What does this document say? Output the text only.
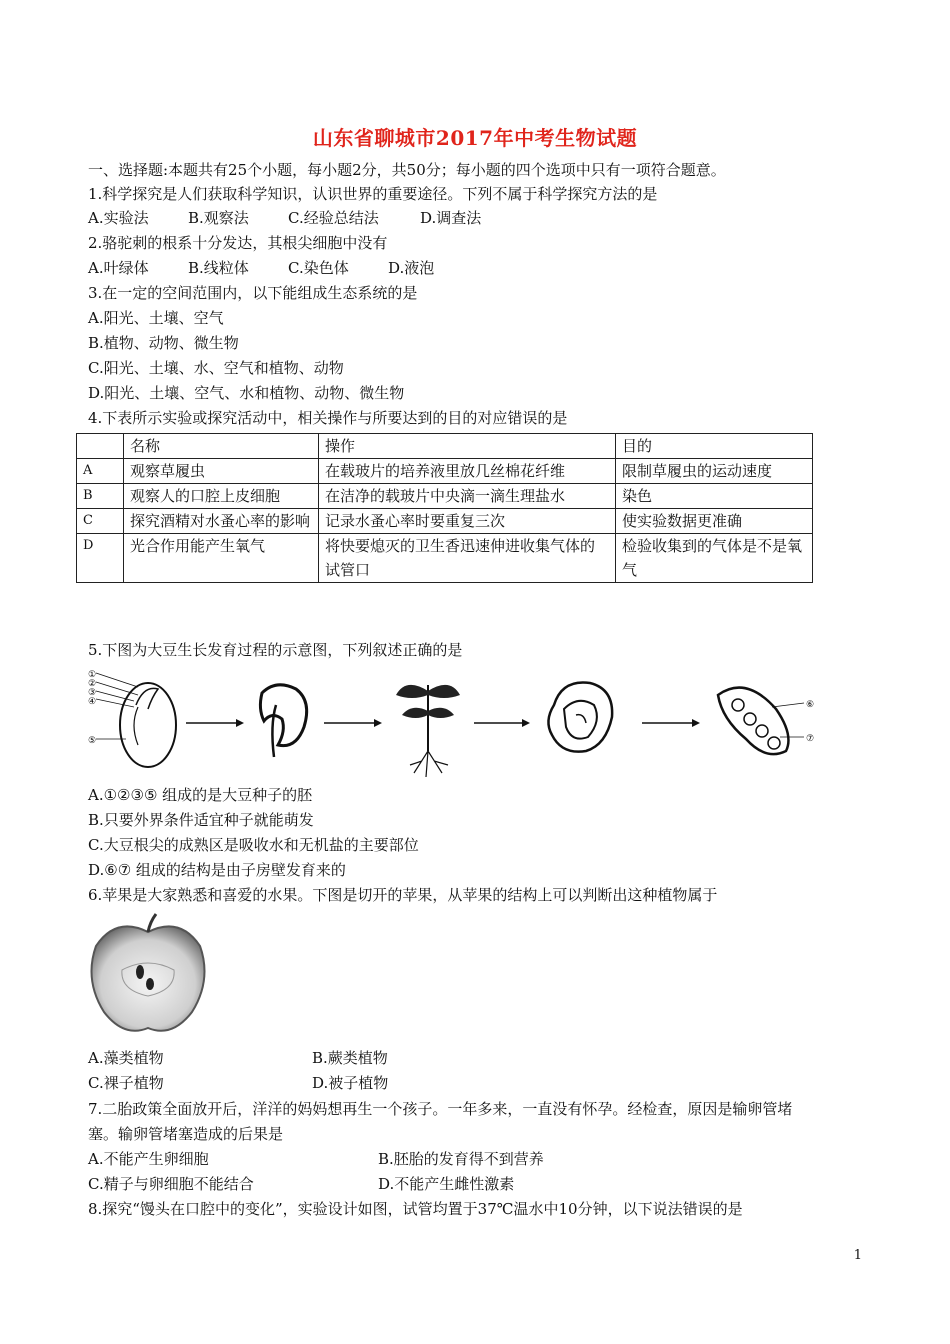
山东省聊城市2017年中考生物试题
一、选择题:本题共有25个小题，每小题2分，共50分；每小题的四个选项中只有一项符合题意。
1.科学探究是人们获取科学知识，认识世界的重要途径。下列不属于科学探究方法的是
A.实验法	B.观察法	C.经验总结法	D.调查法
2.骆驼刺的根系十分发达，其根尖细胞中没有
A.叶绿体	B.线粒体	C.染色体	D.液泡
3.在一定的空间范围内，以下能组成生态系统的是
A.阳光、土壤、空气
B.植物、动物、微生物
C.阳光、土壤、水、空气和植物、动物
D.阳光、土壤、空气、水和植物、动物、微生物
4.下表所示实验或探究活动中，相关操作与所要达到的目的对应错误的是
	名称	操作	目的
A	观察草履虫	在载玻片的培养液里放几丝棉花纤维	限制草履虫的运动速度
B	观察人的口腔上皮细胞	在洁净的载玻片中央滴一滴生理盐水	染色
C	探究酒精对水蚤心率的影响	记录水蚤心率时要重复三次	使实验数据更准确
D	光合作用能产生氧气	将快要熄灭的卫生香迅速伸进收集气体的试管口	检验收集到的气体是不是氧气
5.下图为大豆生长发育过程的示意图，下列叙述正确的是
①
②
③
④
⑤
⑥
⑦
A.①②③⑤ 组成的是大豆种子的胚
B.只要外界条件适宜种子就能萌发
C.大豆根尖的成熟区是吸收水和无机盐的主要部位
D.⑥⑦ 组成的结构是由子房壁发育来的
6.苹果是大家熟悉和喜爱的水果。下图是切开的苹果，从苹果的结构上可以判断出这种植物属于
A.藻类植物	B.蕨类植物
C.裸子植物	D.被子植物
7.二胎政策全面放开后，洋洋的妈妈想再生一个孩子。一年多来，一直没有怀孕。经检查，原因是输卵管堵
塞。输卵管堵塞造成的后果是
A.不能产生卵细胞	B.胚胎的发育得不到营养
C.精子与卵细胞不能结合	D.不能产生雌性激素
8.探究“馒头在口腔中的变化”，实验设计如图，试管均置于37℃温水中10分钟，以下说法错误的是
1
